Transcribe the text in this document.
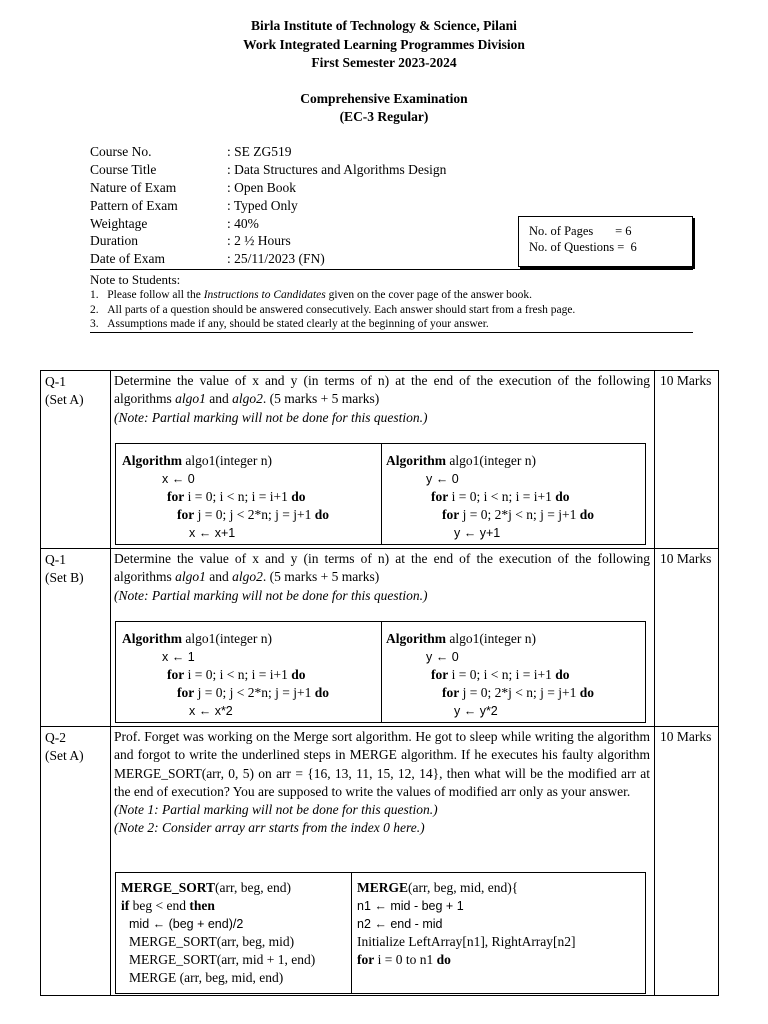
Birla Institute of Technology & Science, Pilani
Work Integrated Learning Programmes Division
First Semester 2023-2024
Comprehensive Examination
(EC-3 Regular)
Course No.	: SE ZG519
Course Title	: Data Structures and Algorithms Design
Nature of Exam	: Open Book
Pattern of Exam	: Typed Only
Weightage	: 40%
Duration	: 2 ½ Hours
Date of Exam	: 25/11/2023 (FN)
No. of Pages       = 6
No. of Questions =  6
Note to Students:
1. Please follow all the Instructions to Candidates given on the cover page of the answer book.
2. All parts of a question should be answered consecutively. Each answer should start from a fresh page.
3. Assumptions made if any, should be stated clearly at the beginning of your answer.
Q-1
(Set A)

Determine the value of x and y (in terms of n) at the end of the execution of the following algorithms algo1 and algo2. (5 marks + 5 marks)

(Note: Partial marking will not be done for this question.)

Algorithm algo1(integer n)
x ← 0
for i = 0; i < n; i = i+1 do
for j = 0; j < 2*n; j = j+1 do
x ← x+1
Algorithm algo1(integer n)
y ← 0
for i = 0; i < n; i = i+1 do
for j = 0; 2*j < n; j = j+1 do
y ← y+1
10 Marks
Q-1
(Set B)

Determine the value of x and y (in terms of n) at the end of the execution of the following algorithms algo1 and algo2. (5 marks + 5 marks)

(Note: Partial marking will not be done for this question.)

Algorithm algo1(integer n)
x ← 1
for i = 0; i < n; i = i+1 do
for j = 0; j < 2*n; j = j+1 do
x ← x*2
Algorithm algo1(integer n)
y ← 0
for i = 0; i < n; i = i+1 do
for j = 0; 2*j < n; j = j+1 do
y ← y*2
10 Marks
Q-2
(Set A)

Prof. Forget was working on the Merge sort algorithm. He got to sleep while writing the algorithm and forgot to write the underlined steps in MERGE algorithm. If he executes his faulty algorithm MERGE_SORT(arr, 0, 5) on arr = {16, 13, 11, 15, 12, 14}, then what will be the modified arr at the end of execution? You are supposed to write the values of modified arr only as your answer.

(Note 1: Partial marking will not be done for this question.)

(Note 2: Consider array arr starts from the index 0 here.)

MERGE_SORT(arr, beg, end)
if beg < end then
mid ← (beg + end)/2
MERGE_SORT(arr, beg, mid)
MERGE_SORT(arr, mid + 1, end)
MERGE (arr, beg, mid, end)
MERGE(arr, beg, mid, end){
n1 ← mid - beg + 1
n2 ← end - mid
Initialize LeftArray[n1], RightArray[n2]
for i = 0 to n1 do
10 Marks
